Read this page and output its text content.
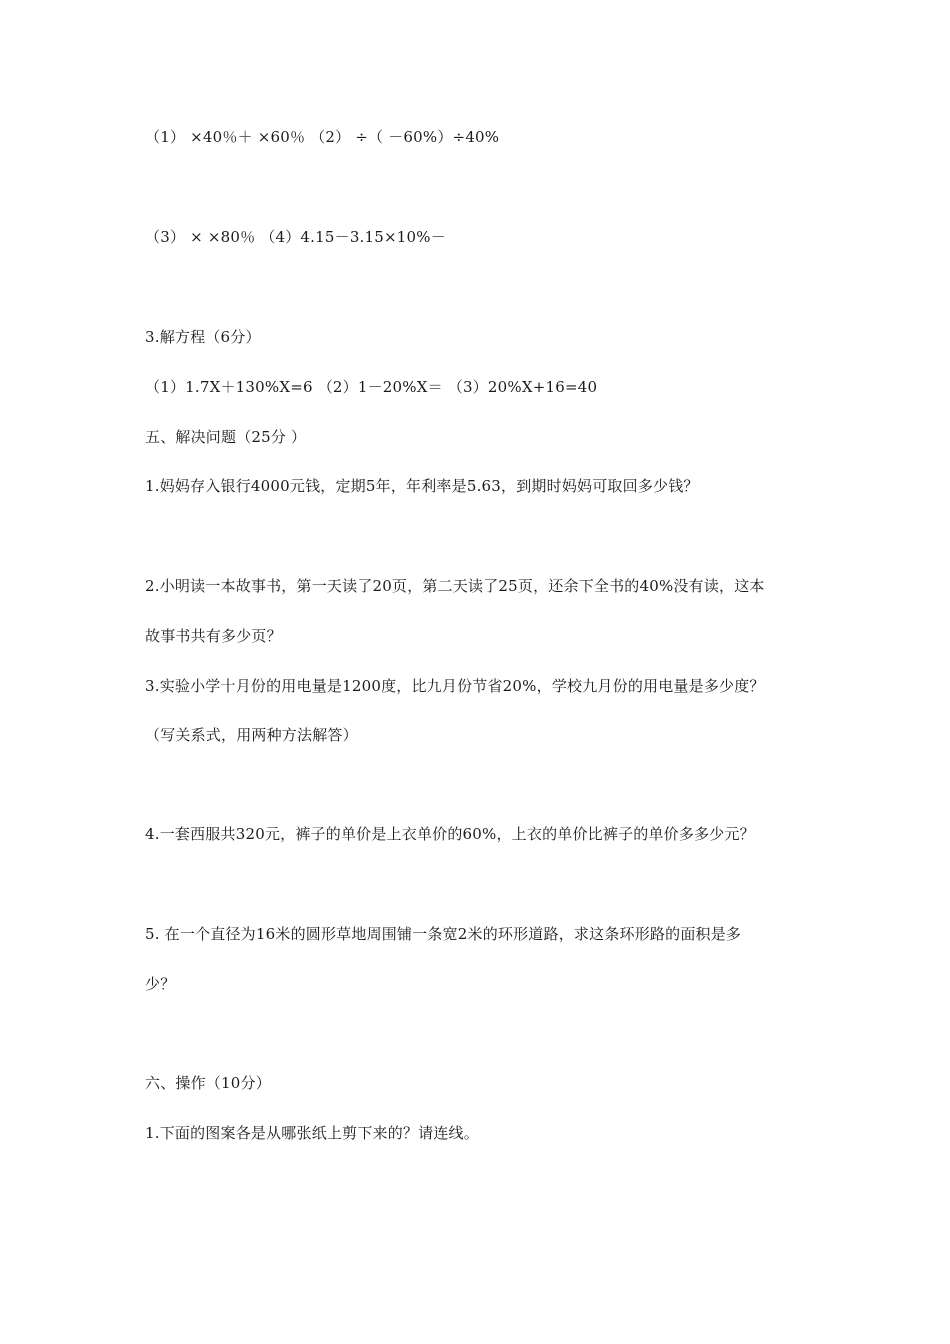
（1） ×40％＋ ×60％ （2） ÷（ －60%）÷40%
（3） × ×80％ （4）4.15－3.15×10%－
3.解方程（6分）
（1）1.7X＋130%X=6 （2）1－20%X＝ （3）20%X+16=40
五、解决问题（25分 ）
1.妈妈存入银行4000元钱，定期5年，年利率是5.63，到期时妈妈可取回多少钱？
2.小明读一本故事书，第一天读了20页，第二天读了25页，还余下全书的40%没有读，这本
故事书共有多少页？
3.实验小学十月份的用电量是1200度，比九月份节省20%，学校九月份的用电量是多少度？
（写关系式，用两种方法解答）
4.一套西服共320元，裤子的单价是上衣单价的60%，上衣的单价比裤子的单价多多少元？
5. 在一个直径为16米的圆形草地周围铺一条宽2米的环形道路，求这条环形路的面积是多
少？
六、操作（10分）
1.下面的图案各是从哪张纸上剪下来的？请连线。
